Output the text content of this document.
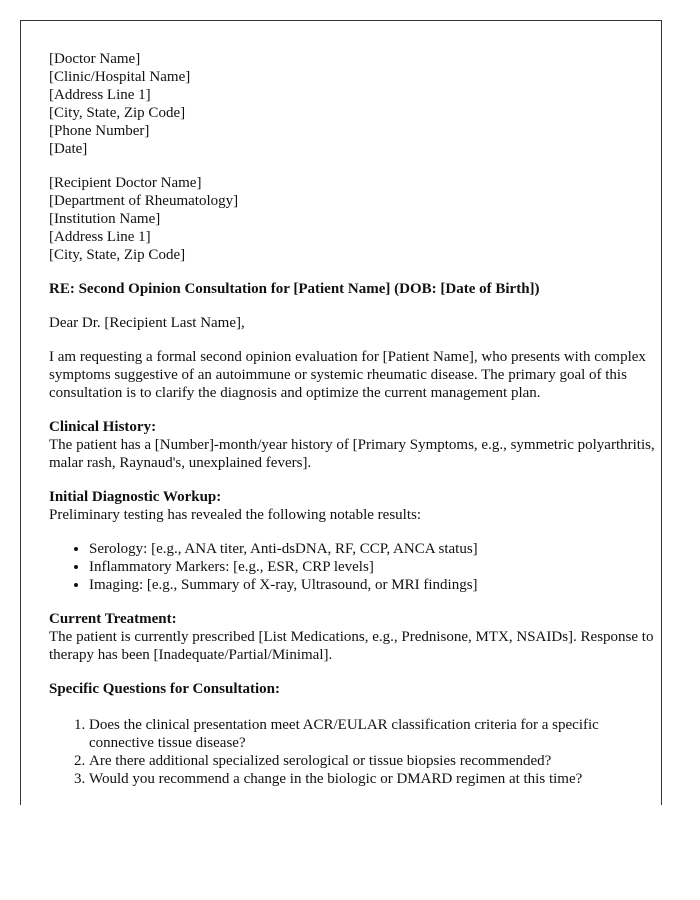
[Doctor Name]
[Clinic/Hospital Name]
[Address Line 1]
[City, State, Zip Code]
[Phone Number]
[Date]

[Recipient Doctor Name]
[Department of Rheumatology]
[Institution Name]
[Address Line 1]
[City, State, Zip Code]

RE: Second Opinion Consultation for [Patient Name] (DOB: [Date of Birth])

Dear Dr. [Recipient Last Name],

I am requesting a formal second opinion evaluation for [Patient Name], who presents with complex symptoms suggestive of an autoimmune or systemic rheumatic disease. The primary goal of this consultation is to clarify the diagnosis and optimize the current management plan.

Clinical History:
The patient has a [Number]-month/year history of [Primary Symptoms, e.g., symmetric polyarthritis, malar rash, Raynaud's, unexplained fevers].

Initial Diagnostic Workup:
Preliminary testing has revealed the following notable results:

• Serology: [e.g., ANA titer, Anti-dsDNA, RF, CCP, ANCA status]
• Inflammatory Markers: [e.g., ESR, CRP levels]
• Imaging: [e.g., Summary of X-ray, Ultrasound, or MRI findings]

Current Treatment:
The patient is currently prescribed [List Medications, e.g., Prednisone, MTX, NSAIDs]. Response to therapy has been [Inadequate/Partial/Minimal].

Specific Questions for Consultation:

1. Does the clinical presentation meet ACR/EULAR classification criteria for a specific connective tissue disease?
2. Are there additional specialized serological or tissue biopsies recommended?
3. Would you recommend a change in the biologic or DMARD regimen at this time?
